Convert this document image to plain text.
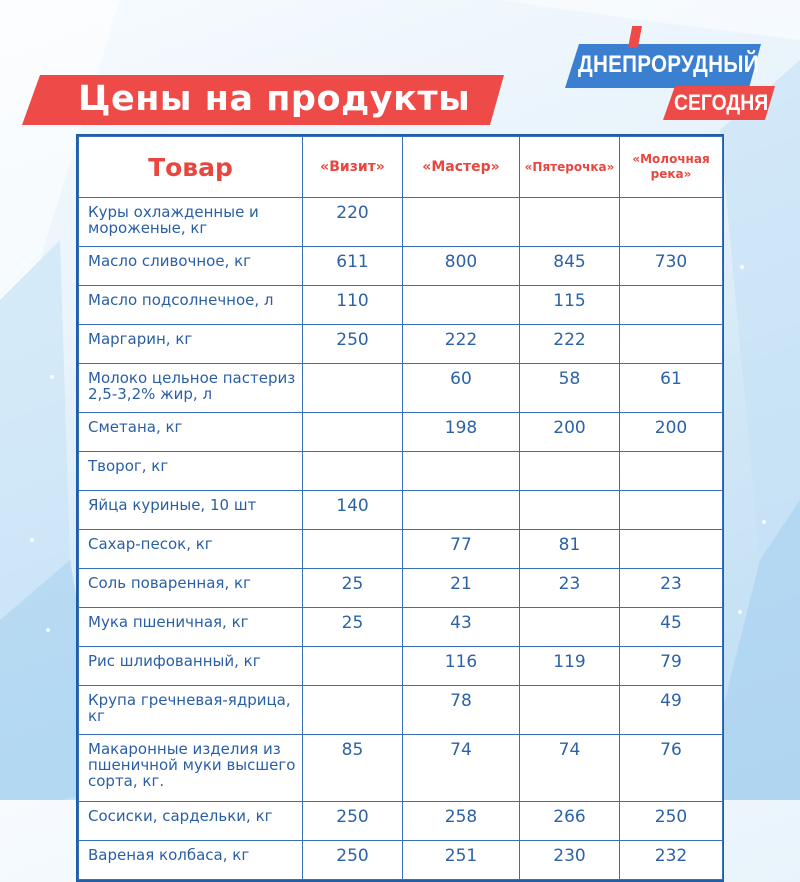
Цены на продукты
ДНЕПРОРУДНЫЙ
СЕГОДНЯ
Товар	«Визит»	«Мастер»	«Пятерочка»	«Молочная река»
Куры охлажденные и мороженые, кг	220			
Масло сливочное, кг	611	800	845	730
Масло подсолнечное, л	110		115	
Маргарин, кг	250	222	222	
Молоко цельное пастериз 2,5-3,2% жир, л		60	58	61
Сметана, кг		198	200	200
Творог, кг				
Яйца куриные, 10 шт	140			
Сахар-песок, кг		77	81	
Соль поваренная, кг	25	21	23	23
Мука пшеничная, кг	25	43		45
Рис шлифованный, кг		116	119	79
Крупа гречневая-ядрица, кг		78		49
Макаронные изделия из пшеничной муки высшего сорта, кг.	85	74	74	76
Сосиски, сардельки, кг	250	258	266	250
Вареная колбаса, кг	250	251	230	232
